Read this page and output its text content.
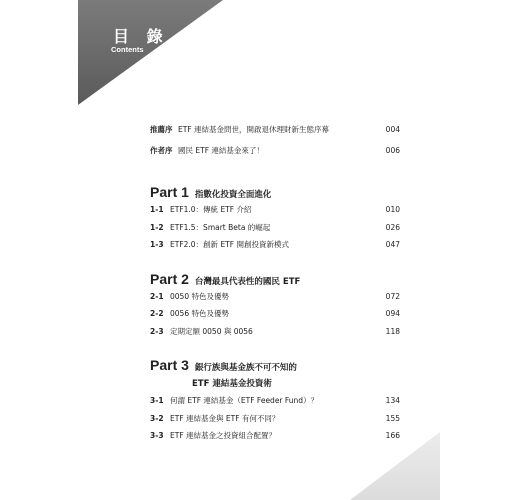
目 錄
Contents
推薦序 ETF 連結基金問世，開啟退休理財新生態序幕	004
作者序 國民 ETF 連結基金來了！	006
Part 1 指數化投資全面進化
1-1 ETF1.0：傳統 ETF 介紹	010
1-2 ETF1.5：Smart Beta 的崛起	026
1-3 ETF2.0：創新 ETF 開創投資新模式	047
Part 2 台灣最具代表性的國民 ETF
2-1 0050 特色及優勢	072
2-2 0056 特色及優勢	094
2-3 定期定額 0050 與 0056	118
Part 3 銀行族與基金族不可不知的
ETF 連結基金投資術
3-1 何謂 ETF 連結基金（ETF Feeder Fund）？	134
3-2 ETF 連結基金與 ETF 有何不同？	155
3-3 ETF 連結基金之投資組合配置？	166
